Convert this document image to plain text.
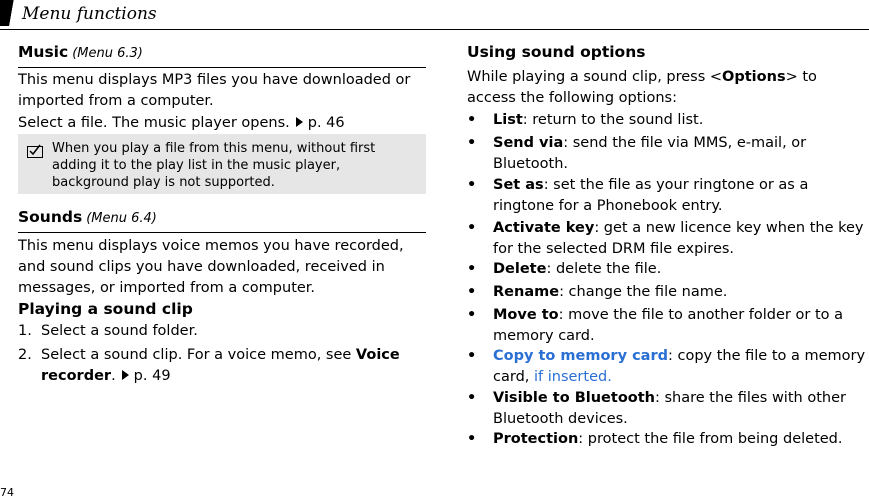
Menu functions
Music (Menu 6.3)
This menu displays MP3 files you have downloaded or imported from a computer.
Select a file. The music player opens. p. 46
When you play a file from this menu, without first adding it to the play list in the music player, background play is not supported.
Sounds (Menu 6.4)
This menu displays voice memos you have recorded, and sound clips you have downloaded, received in messages, or imported from a computer.
Playing a sound clip
1. Select a sound folder.
2. Select a sound clip. For a voice memo, see Voice recorder. p. 49
Using sound options
While playing a sound clip, press <Options> to access the following options:
• List: return to the sound list.
• Send via: send the file via MMS, e-mail, or Bluetooth.
• Set as: set the file as your ringtone or as a ringtone for a Phonebook entry.
• Activate key: get a new licence key when the key for the selected DRM file expires.
• Delete: delete the file.
• Rename: change the file name.
• Move to: move the file to another folder or to a memory card.
• Copy to memory card: copy the file to a memory card, if inserted.
• Visible to Bluetooth: share the files with other Bluetooth devices.
• Protection: protect the file from being deleted.
74
